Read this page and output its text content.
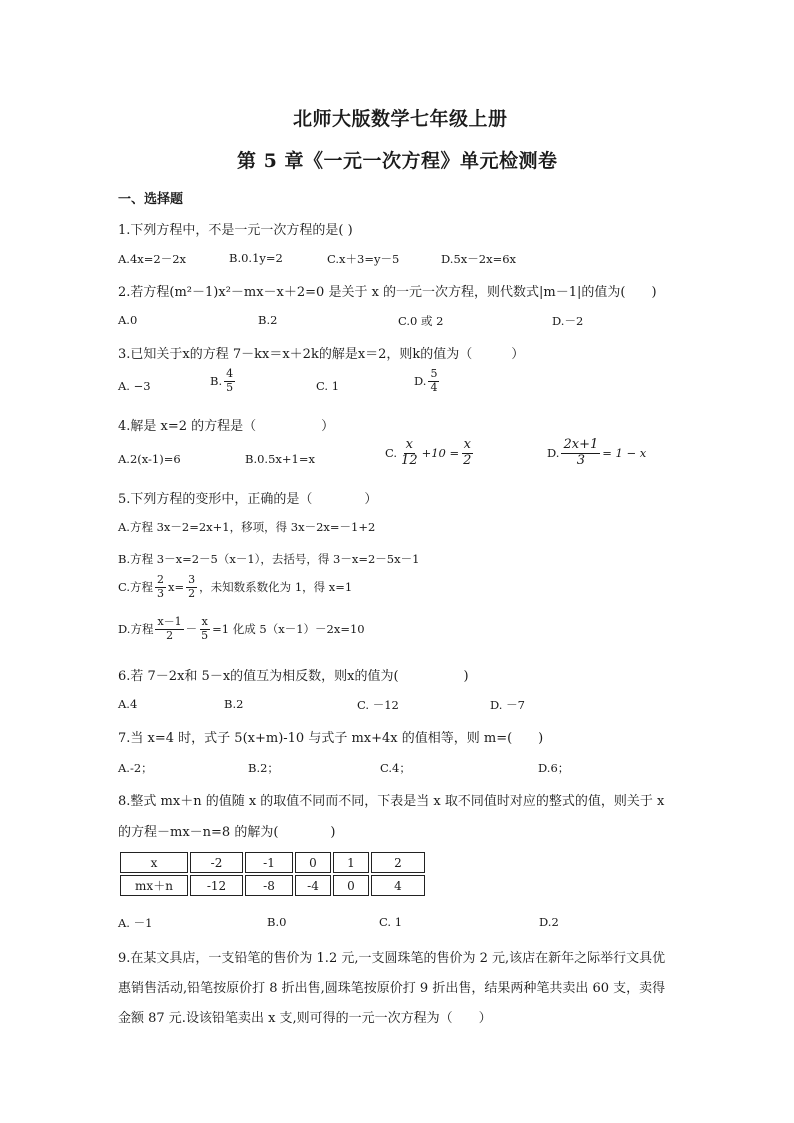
北师大版数学七年级上册
第 5 章《一元一次方程》单元检测卷
一、选择题
1.下列方程中，不是一元一次方程的是( )
A.4x=2－2x	B.0.1y=2	C.x＋3=y－5	D.5x－2x=6x
2.若方程(m²－1)x²－mx－x＋2=0 是关于 x 的一元一次方程，则代数式|m－1|的值为(　　)
A.0	B.2	C.0 或 2	D.－2
3.已知关于x的方程 7－kx＝x＋2k的解是x＝2，则k的值为（　　　）
A. −3	B. $\frac{4}{5}$	C. 1	D. $\frac{5}{4}$
4.解是 x=2 的方程是（　　　　　）
A.2(x-1)=6	B.0.5x+1=x	C. $\frac{x}{12} +10 = \frac{x}{2}$	D. $\frac{2x+1}{3} = 1 - x$
5.下列方程的变形中，正确的是（　　　　）
A.方程 3x－2=2x+1，移项，得 3x－2x=－1+2
B.方程 3－x=2－5（x－1），去括号，得 3－x=2－5x－1
C.方程 $\frac{2}{3} x= \frac{3}{2}$ ，未知数系数化为 1，得 x=1
D.方程 $\frac{x-1}{2} - \frac{x}{5} =1$ 化成 5（x－1）－2x=10
6.若 7－2x和 5－x的值互为相反数，则x的值为(　　　　　)
A.4	B.2	C. －12	D. －7
7.当 x=4 时，式子 5(x+m)-10 与式子 mx+4x 的值相等，则 m=(　　)
A.-2；	B.2；	C.4；	D.6；
8.整式 mx＋n 的值随 x 的取值不同而不同，下表是当 x 取不同值时对应的整式的值，则关于 x
的方程－mx－n=8 的解为(　　　　)
x	-2	-1	0	1	2
mx＋n	-12	-8	-4	0	4
A. －1	B.0	C. 1	D.2
9.在某文具店，一支铅笔的售价为 1.2 元,一支圆珠笔的售价为 2 元,该店在新年之际举行文具优
惠销售活动,铅笔按原价打 8 折出售,圆珠笔按原价打 9 折出售，结果两种笔共卖出 60 支，卖得
金额 87 元.设该铅笔卖出 x 支,则可得的一元一次方程为（　　）
